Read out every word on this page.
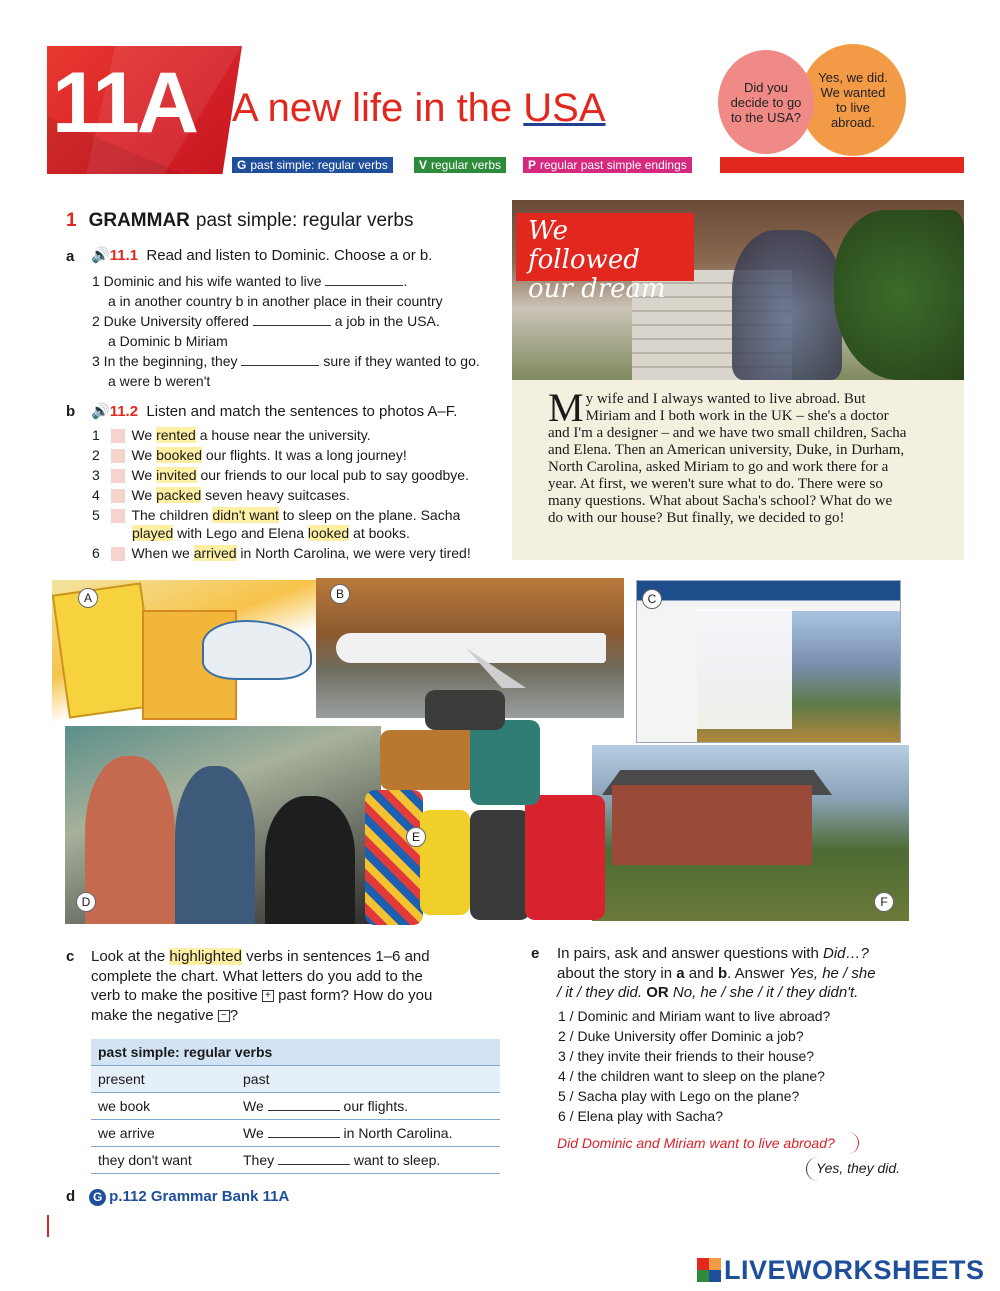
11A A new life in the USA
G past simple: regular verbs	V regular verbs	P regular past simple endings
Yes, we did. We wanted to live abroad.
Did you decide to go to the USA?
1 GRAMMAR past simple: regular verbs
a 🔊11.1 Read and listen to Dominic. Choose a or b.
1 Dominic and his wife wanted to live	.
a in another country b in another place in their country
2 Duke University offered	a job in the USA.
a Dominic b Miriam
3 In the beginning, they	sure if they wanted to go.
a were b weren't
b 🔊11.2 Listen and match the sentences to photos A–F.
1 We rented a house near the university.
2 We booked our flights. It was a long journey!
3 We invited our friends to our local pub to say goodbye.
4 We packed seven heavy suitcases.
5 The children didn't want to sleep on the plane. Sacha
played with Lego and Elena looked at books.
6 When we arrived in North Carolina, we were very tired!
We followed our dream
My wife and I always wanted to live abroad. But Miriam and I both work in the UK – she's a doctor and I'm a designer – and we have two small children, Sacha and Elena. Then an American university, Duke, in Durham, North Carolina, asked Miriam to go and work there for a year. At first, we weren't sure what to do. There were so many questions. What about Sacha's school? What do we do with our house? But finally, we decided to go!
A	B	C
D
E
F
c Look at the highlighted verbs in sentences 1–6 and
complete the chart. What letters do you add to the
verb to make the positive + past form? How do you
make the negative − ?
past simple: regular verbs	
present	past
we book	We our flights.
we arrive	We in North Carolina.
they don't want	They want to sleep.
d G p.112 Grammar Bank 11A
e In pairs, ask and answer questions with Did…?
about the story in a and b. Answer Yes, he / she
/ it / they did. OR No, he / she / it / they didn't.
1 / Dominic and Miriam want to live abroad?
2 / Duke University offer Dominic a job?
3 / they invite their friends to their house?
4 / the children want to sleep on the plane?
5 / Sacha play with Lego on the plane?
6 / Elena play with Sacha?
Did Dominic and Miriam want to live abroad?
Yes, they did.
LIVEWORKSHEETS
